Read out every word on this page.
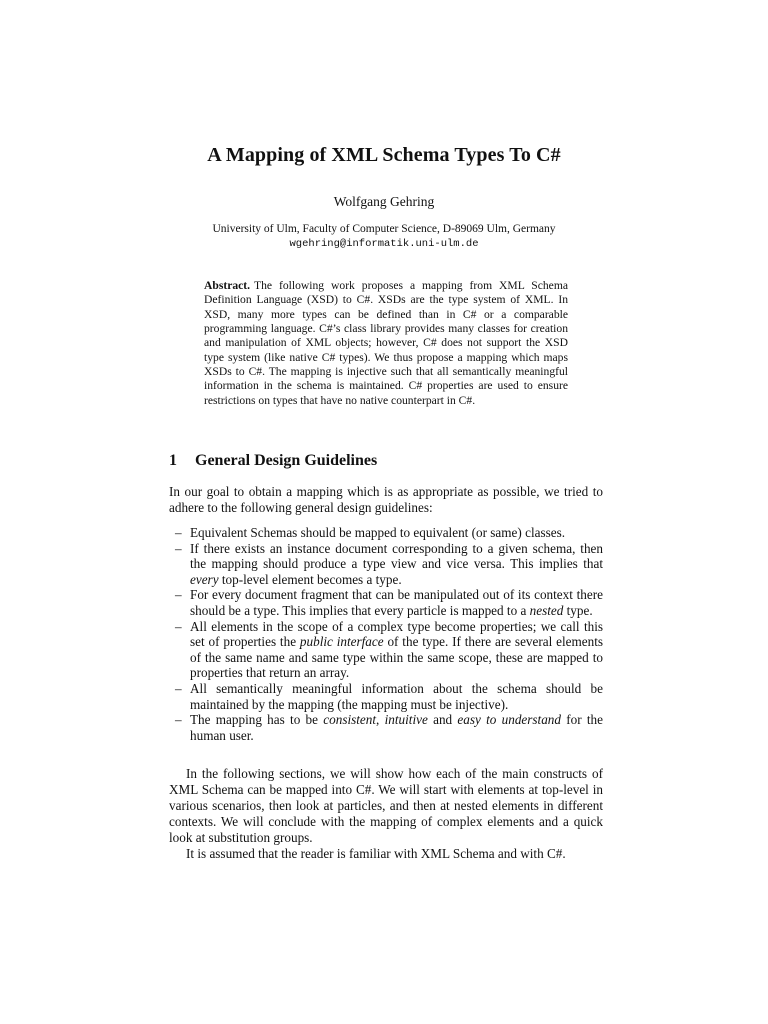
A Mapping of XML Schema Types To C#
Wolfgang Gehring
University of Ulm, Faculty of Computer Science, D-89069 Ulm, Germany
wgehring@informatik.uni-ulm.de
Abstract. The following work proposes a mapping from XML Schema Definition Language (XSD) to C#. XSDs are the type system of XML. In XSD, many more types can be defined than in C# or a comparable programming language. C#’s class library provides many classes for creation and manipulation of XML objects; however, C# does not support the XSD type system (like native C# types). We thus propose a mapping which maps XSDs to C#. The mapping is injective such that all semantically meaningful information in the schema is maintained. C# properties are used to ensure restrictions on types that have no native counterpart in C#.
1 General Design Guidelines
In our goal to obtain a mapping which is as appropriate as possible, we tried to adhere to the following general design guidelines:
– Equivalent Schemas should be mapped to equivalent (or same) classes.
– If there exists an instance document corresponding to a given schema, then the mapping should produce a type view and vice versa. This implies that every top-level element becomes a type.
– For every document fragment that can be manipulated out of its context there should be a type. This implies that every particle is mapped to a nested type.
– All elements in the scope of a complex type become properties; we call this set of properties the public interface of the type. If there are several elements of the same name and same type within the same scope, these are mapped to properties that return an array.
– All semantically meaningful information about the schema should be maintained by the mapping (the mapping must be injective).
– The mapping has to be consistent, intuitive and easy to understand for the human user.

In the following sections, we will show how each of the main constructs of XML Schema can be mapped into C#. We will start with elements at top-level in various scenarios, then look at particles, and then at nested elements in different contexts. We will conclude with the mapping of complex elements and a quick look at substitution groups.

It is assumed that the reader is familiar with XML Schema and with C#.
